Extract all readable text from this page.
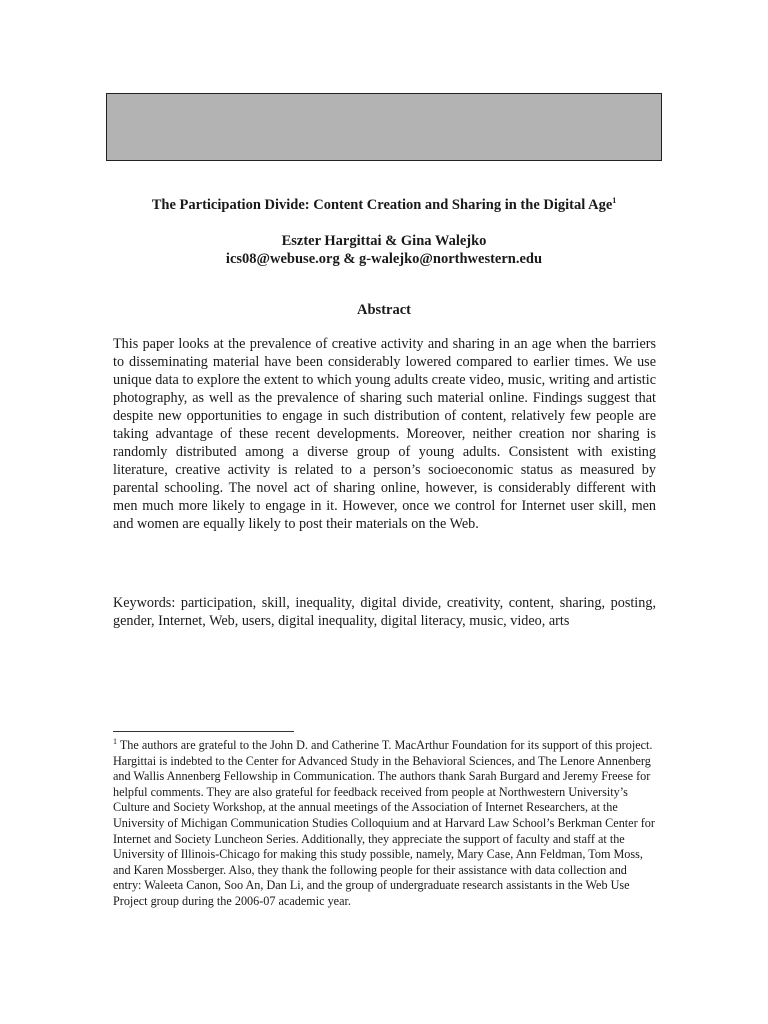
The Participation Divide: Content Creation and Sharing in the Digital Age$^1$
Eszter Hargittai & Gina Walejko
ics08@webuse.org & g-walejko@northwestern.edu
Abstract

This paper looks at the prevalence of creative activity and sharing in an age when the barriers to disseminating material have been considerably lowered compared to earlier times. We use unique data to explore the extent to which young adults create video, music, writing and artistic photography, as well as the prevalence of sharing such material online. Findings suggest that despite new opportunities to engage in such distribution of content, relatively few people are taking advantage of these recent developments. Moreover, neither creation nor sharing is randomly distributed among a diverse group of young adults. Consistent with existing literature, creative activity is related to a person’s socioeconomic status as measured by parental schooling. The novel act of sharing online, however, is considerably different with men much more likely to engage in it. However, once we control for Internet user skill, men and women are equally likely to post their materials on the Web.

Keywords: participation, skill, inequality, digital divide, creativity, content, sharing, posting, gender, Internet, Web, users, digital inequality, digital literacy, music, video, arts

$^1$ The authors are grateful to the John D. and Catherine T. MacArthur Foundation for its support of this project. Hargittai is indebted to the Center for Advanced Study in the Behavioral Sciences, and The Lenore Annenberg and Wallis Annenberg Fellowship in Communication. The authors thank Sarah Burgard and Jeremy Freese for helpful comments. They are also grateful for feedback received from people at Northwestern University’s Culture and Society Workshop, at the annual meetings of the Association of Internet Researchers, at the University of Michigan Communication Studies Colloquium and at Harvard Law School’s Berkman Center for Internet and Society Luncheon Series. Additionally, they appreciate the support of faculty and staff at the University of Illinois-Chicago for making this study possible, namely, Mary Case, Ann Feldman, Tom Moss, and Karen Mossberger. Also, they thank the following people for their assistance with data collection and entry: Waleeta Canon, Soo An, Dan Li, and the group of undergraduate research assistants in the Web Use Project group during the 2006-07 academic year.
